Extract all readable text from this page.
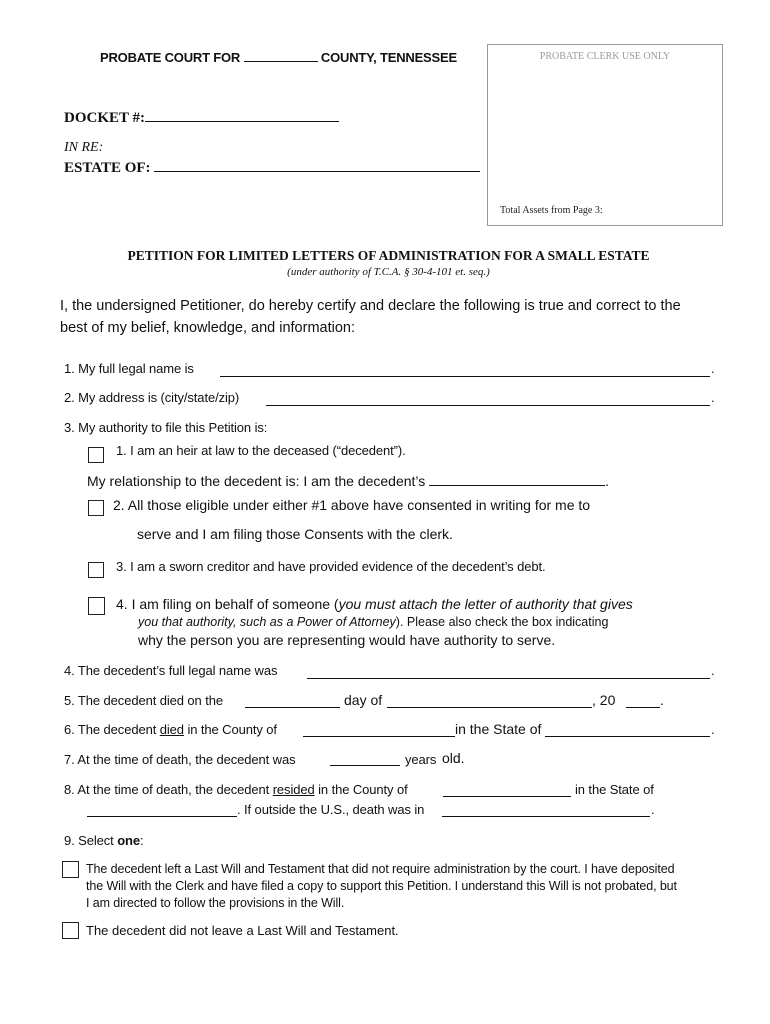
PROBATE COURT FOR	COUNTY, TENNESSEE	PROBATE CLERK USE ONLY
Total Assets from Page 3:
DOCKET #:
IN RE:
ESTATE OF:
PETITION FOR LIMITED LETTERS OF ADMINISTRATION FOR A SMALL ESTATE
(under authority of T.C.A. § 30-4-101 et. seq.)
I, the undersigned Petitioner, do hereby certify and declare the following is true and correct to the
best of my belief, knowledge, and information:
1. My full legal name is	.
2. My address is (city/state/zip)	.
3. My authority to file this Petition is:
1. I am an heir at law to the deceased (“decedent”).
My relationship to the decedent is: I am the decedent’s	.
2. All those eligible under either #1 above have consented in writing for me to
serve and I am filing those Consents with the clerk.
3. I am a sworn creditor and have provided evidence of the decedent’s debt.
4. I am filing on behalf of someone (you must attach the letter of authority that gives
you that authority, such as a Power of Attorney). Please also check the box indicating
why the person you are representing would have authority to serve.
4. The decedent’s full legal name was	.
5. The decedent died on the	day of	, 20	.
6. The decedent died in the County of	in the State of	.
7. At the time of death, the decedent was	years old.
8. At the time of death, the decedent resided in the County of	in the State of
. If outside the U.S., death was in	.
9. Select one:
The decedent left a Last Will and Testament that did not require administration by the court. I have deposited
the Will with the Clerk and have filed a copy to support this Petition. I understand this Will is not probated, but
I am directed to follow the provisions in the Will.
The decedent did not leave a Last Will and Testament.
